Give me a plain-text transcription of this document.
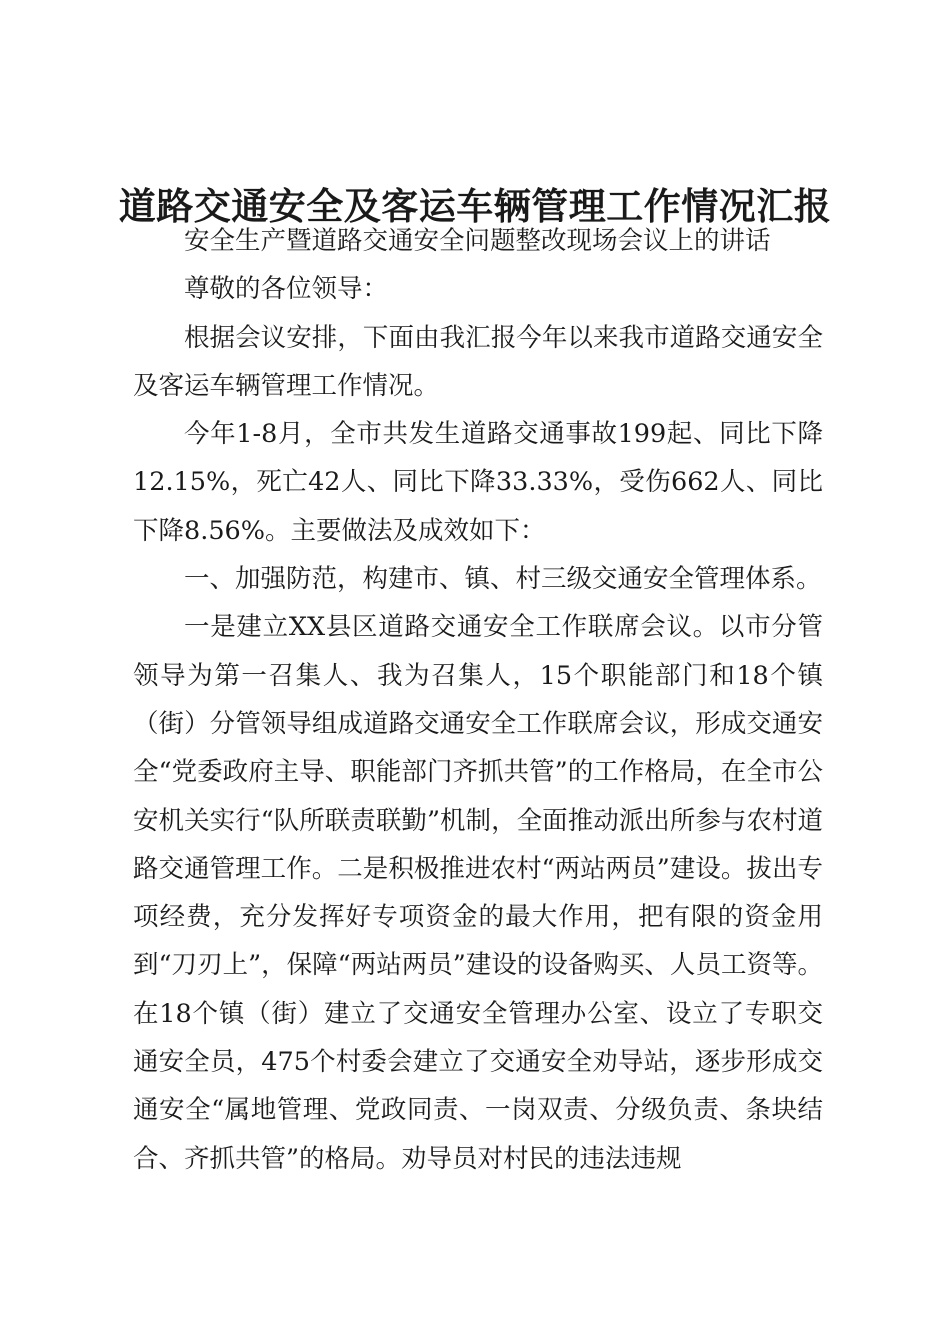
道路交通安全及客运车辆管理工作情况汇报

安全生产暨道路交通安全问题整改现场会议上的讲话

尊敬的各位领导：

根据会议安排，下面由我汇报今年以来我市道路交通安全及客运车辆管理工作情况。

今年1-8月，全市共发生道路交通事故199起、同比下降12.15%，死亡42人、同比下降33.33%，受伤662人、同比下降8.56%。主要做法及成效如下：

一、加强防范，构建市、镇、村三级交通安全管理体系。

一是建立XX县区道路交通安全工作联席会议。以市分管领导为第一召集人、我为召集人，15个职能部门和18个镇（街）分管领导组成道路交通安全工作联席会议，形成交通安全“党委政府主导、职能部门齐抓共管”的工作格局，在全市公安机关实行“队所联责联勤”机制，全面推动派出所参与农村道路交通管理工作。二是积极推进农村“两站两员”建设。拔出专项经费，充分发挥好专项资金的最大作用，把有限的资金用到“刀刃上”，保障“两站两员”建设的设备购买、人员工资等。在18个镇（街）建立了交通安全管理办公室、设立了专职交通安全员，475个村委会建立了交通安全劝导站，逐步形成交通安全“属地管理、党政同责、一岗双责、分级负责、条块结合、齐抓共管”的格局。劝导员对村民的违法违规
